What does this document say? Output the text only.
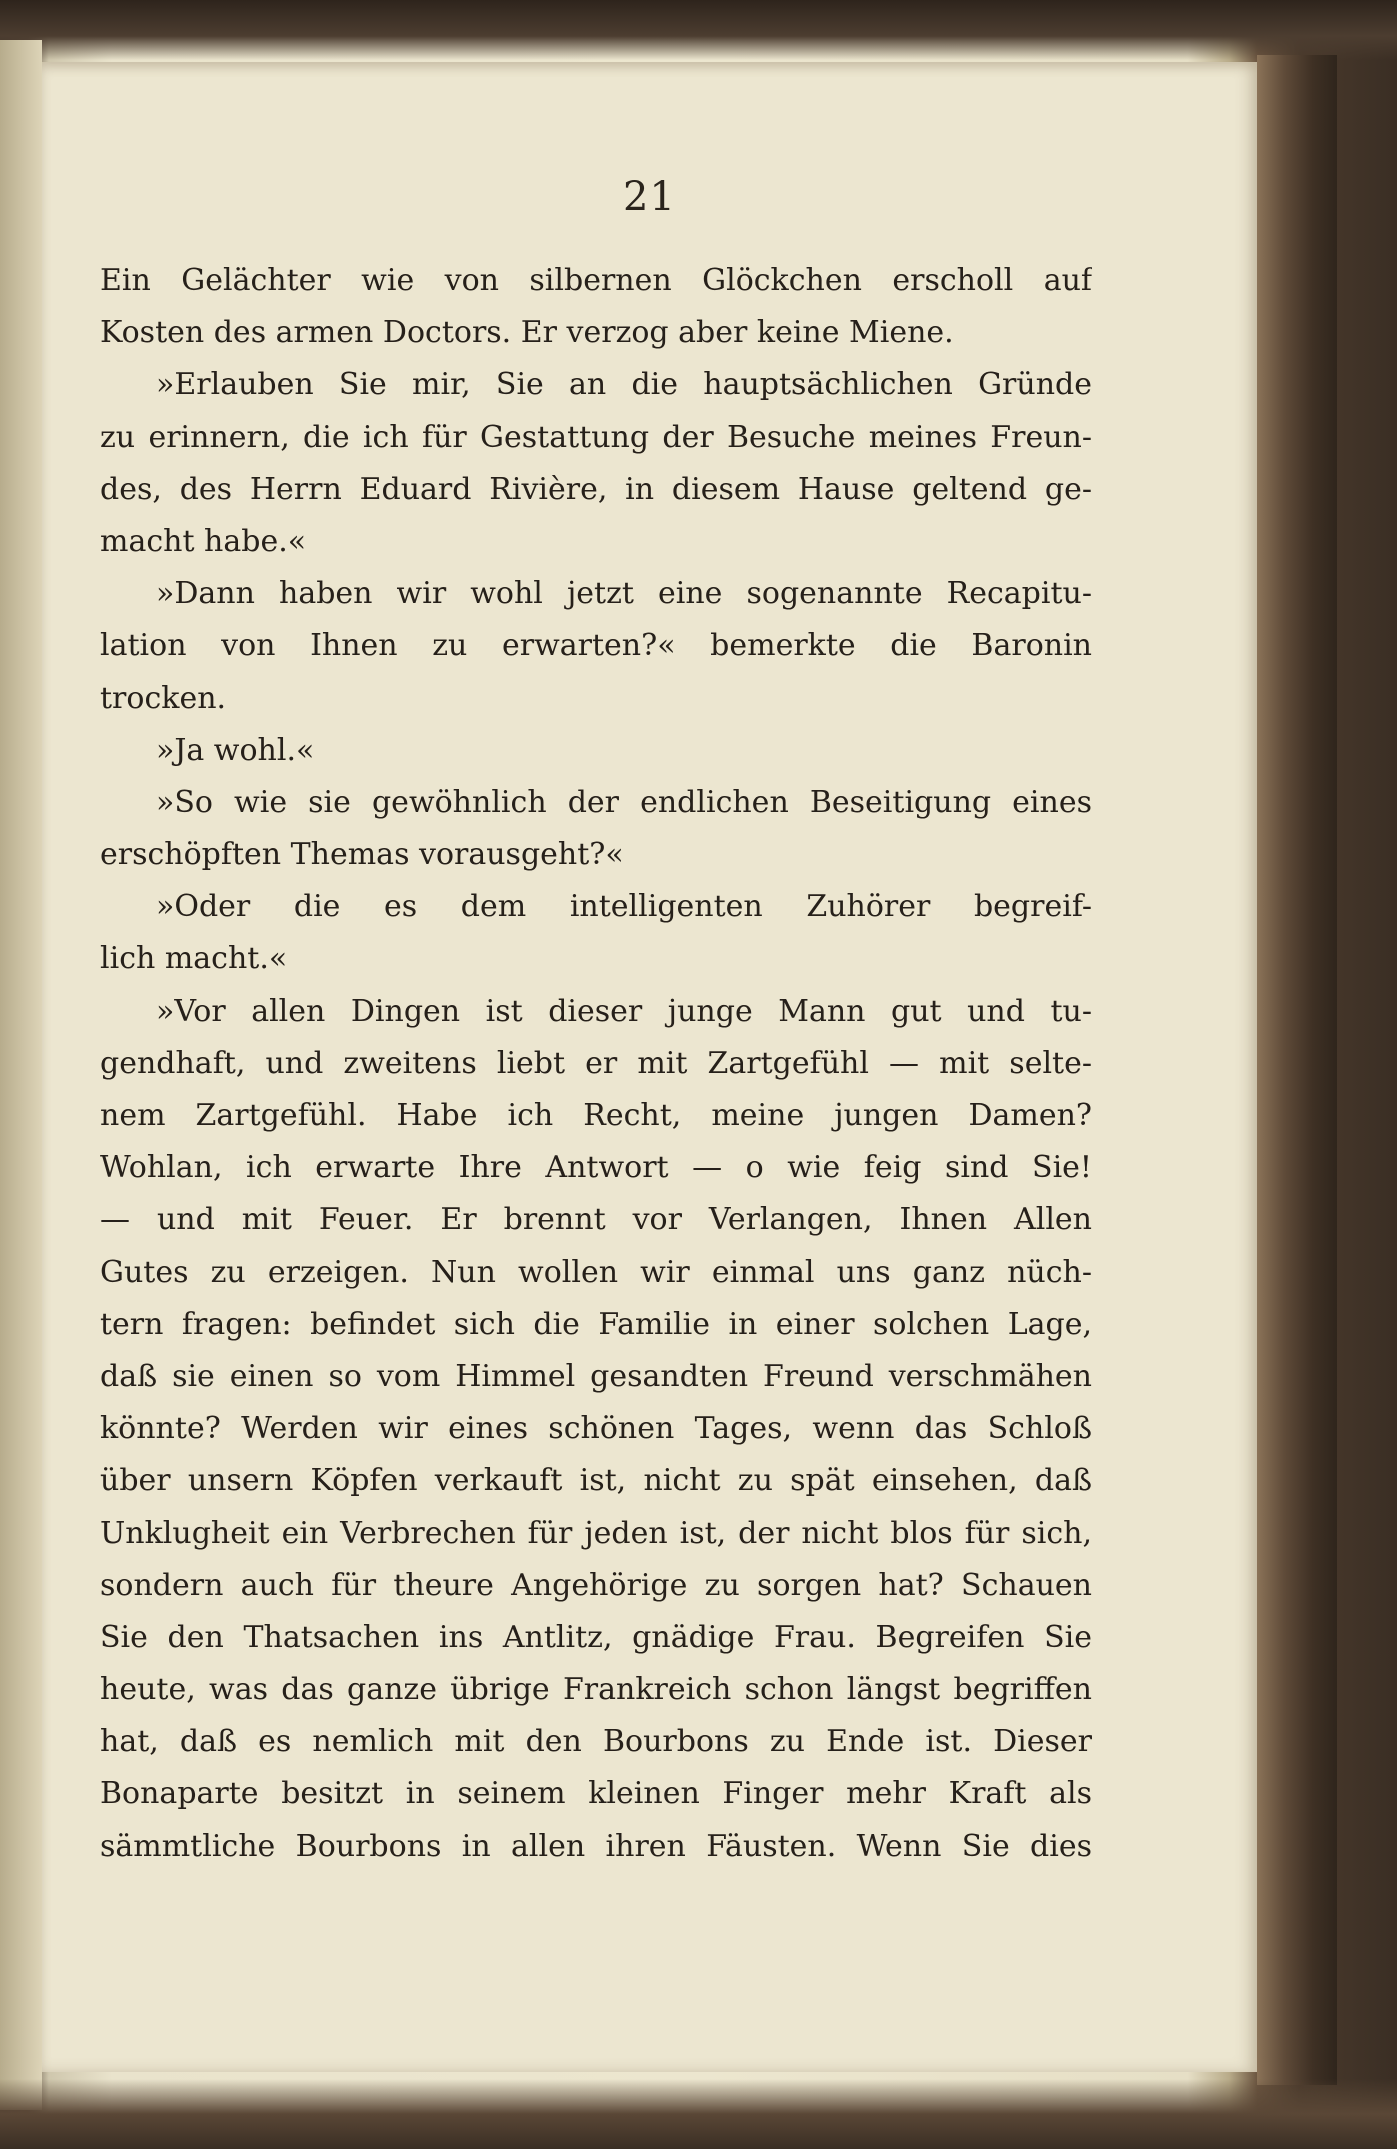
21
Ein Gelächter wie von silbernen Glöckchen erscholl auf
Kosten des armen Doctors. Er verzog aber keine Miene.
»Erlauben Sie mir, Sie an die hauptsächlichen Gründe
zu erinnern, die ich für Gestattung der Besuche meines Freun-
des, des Herrn Eduard Rivière, in diesem Hause geltend ge-
macht habe.«
»Dann haben wir wohl jetzt eine sogenannte Recapitu-
lation von Ihnen zu erwarten?« bemerkte die Baronin
trocken.
»Ja wohl.«
»So wie sie gewöhnlich der endlichen Beseitigung eines
erschöpften Themas vorausgeht?«
»Oder die es dem intelligenten Zuhörer begreif-
lich macht.«
»Vor allen Dingen ist dieser junge Mann gut und tu-
gendhaft, und zweitens liebt er mit Zartgefühl — mit selte-
nem Zartgefühl. Habe ich Recht, meine jungen Damen?
Wohlan, ich erwarte Ihre Antwort — o wie feig sind Sie!
— und mit Feuer. Er brennt vor Verlangen, Ihnen Allen
Gutes zu erzeigen. Nun wollen wir einmal uns ganz nüch-
tern fragen: befindet sich die Familie in einer solchen Lage,
daß sie einen so vom Himmel gesandten Freund verschmähen
könnte? Werden wir eines schönen Tages, wenn das Schloß
über unsern Köpfen verkauft ist, nicht zu spät einsehen, daß
Unklugheit ein Verbrechen für jeden ist, der nicht blos für sich,
sondern auch für theure Angehörige zu sorgen hat? Schauen
Sie den Thatsachen ins Antlitz, gnädige Frau. Begreifen Sie
heute, was das ganze übrige Frankreich schon längst begriffen
hat, daß es nemlich mit den Bourbons zu Ende ist. Dieser
Bonaparte besitzt in seinem kleinen Finger mehr Kraft als
sämmtliche Bourbons in allen ihren Fäusten. Wenn Sie dies
